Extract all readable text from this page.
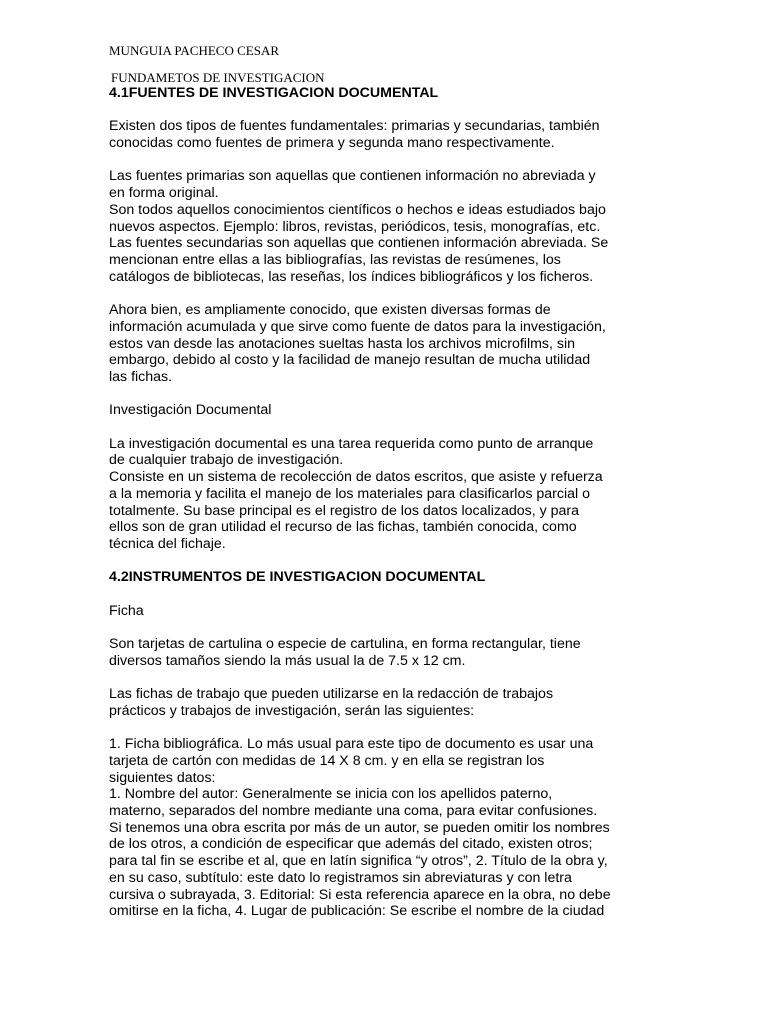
MUNGUIA PACHECO CESAR
FUNDAMETOS DE INVESTIGACION

4.1FUENTES DE INVESTIGACION DOCUMENTAL

Existen dos tipos de fuentes fundamentales: primarias y secundarias, también

conocidas como fuentes de primera y segunda mano respectivamente.

Las fuentes primarias son aquellas que contienen información no abreviada y

en forma original.

Son todos aquellos conocimientos científicos o hechos e ideas estudiados bajo

nuevos aspectos. Ejemplo: libros, revistas, periódicos, tesis, monografías, etc.

Las fuentes secundarias son aquellas que contienen información abreviada. Se

mencionan entre ellas a las bibliografías, las revistas de resúmenes, los

catálogos de bibliotecas, las reseñas, los índices bibliográficos y los ficheros.

Ahora bien, es ampliamente conocido, que existen diversas formas de

información acumulada y que sirve como fuente de datos para la investigación,

estos van desde las anotaciones sueltas hasta los archivos microfilms, sin

embargo, debido al costo y la facilidad de manejo resultan de mucha utilidad

las fichas.

Investigación Documental

La investigación documental es una tarea requerida como punto de arranque

de cualquier trabajo de investigación.

Consiste en un sistema de recolección de datos escritos, que asiste y refuerza

a la memoria y facilita el manejo de los materiales para clasificarlos parcial o

totalmente. Su base principal es el registro de los datos localizados, y para

ellos son de gran utilidad el recurso de las fichas, también conocida, como

técnica del fichaje.

4.2INSTRUMENTOS DE INVESTIGACION DOCUMENTAL

Ficha

Son tarjetas de cartulina o especie de cartulina, en forma rectangular, tiene

diversos tamaños siendo la más usual la de 7.5 x 12 cm.

Las fichas de trabajo que pueden utilizarse en la redacción de trabajos

prácticos y trabajos de investigación, serán las siguientes:

1. Ficha bibliográfica. Lo más usual para este tipo de documento es usar una

tarjeta de cartón con medidas de 14 X 8 cm. y en ella se registran los

siguientes datos:

1. Nombre del autor: Generalmente se inicia con los apellidos paterno,

materno, separados del nombre mediante una coma, para evitar confusiones.

Si tenemos una obra escrita por más de un autor, se pueden omitir los nombres

de los otros, a condición de especificar que además del citado, existen otros;

para tal fin se escribe et al, que en latín significa “y otros”, 2. Título de la obra y,

en su caso, subtítulo: este dato lo registramos sin abreviaturas y con letra

cursiva o subrayada, 3. Editorial: Si esta referencia aparece en la obra, no debe

omitirse en la ficha, 4. Lugar de publicación: Se escribe el nombre de la ciudad
